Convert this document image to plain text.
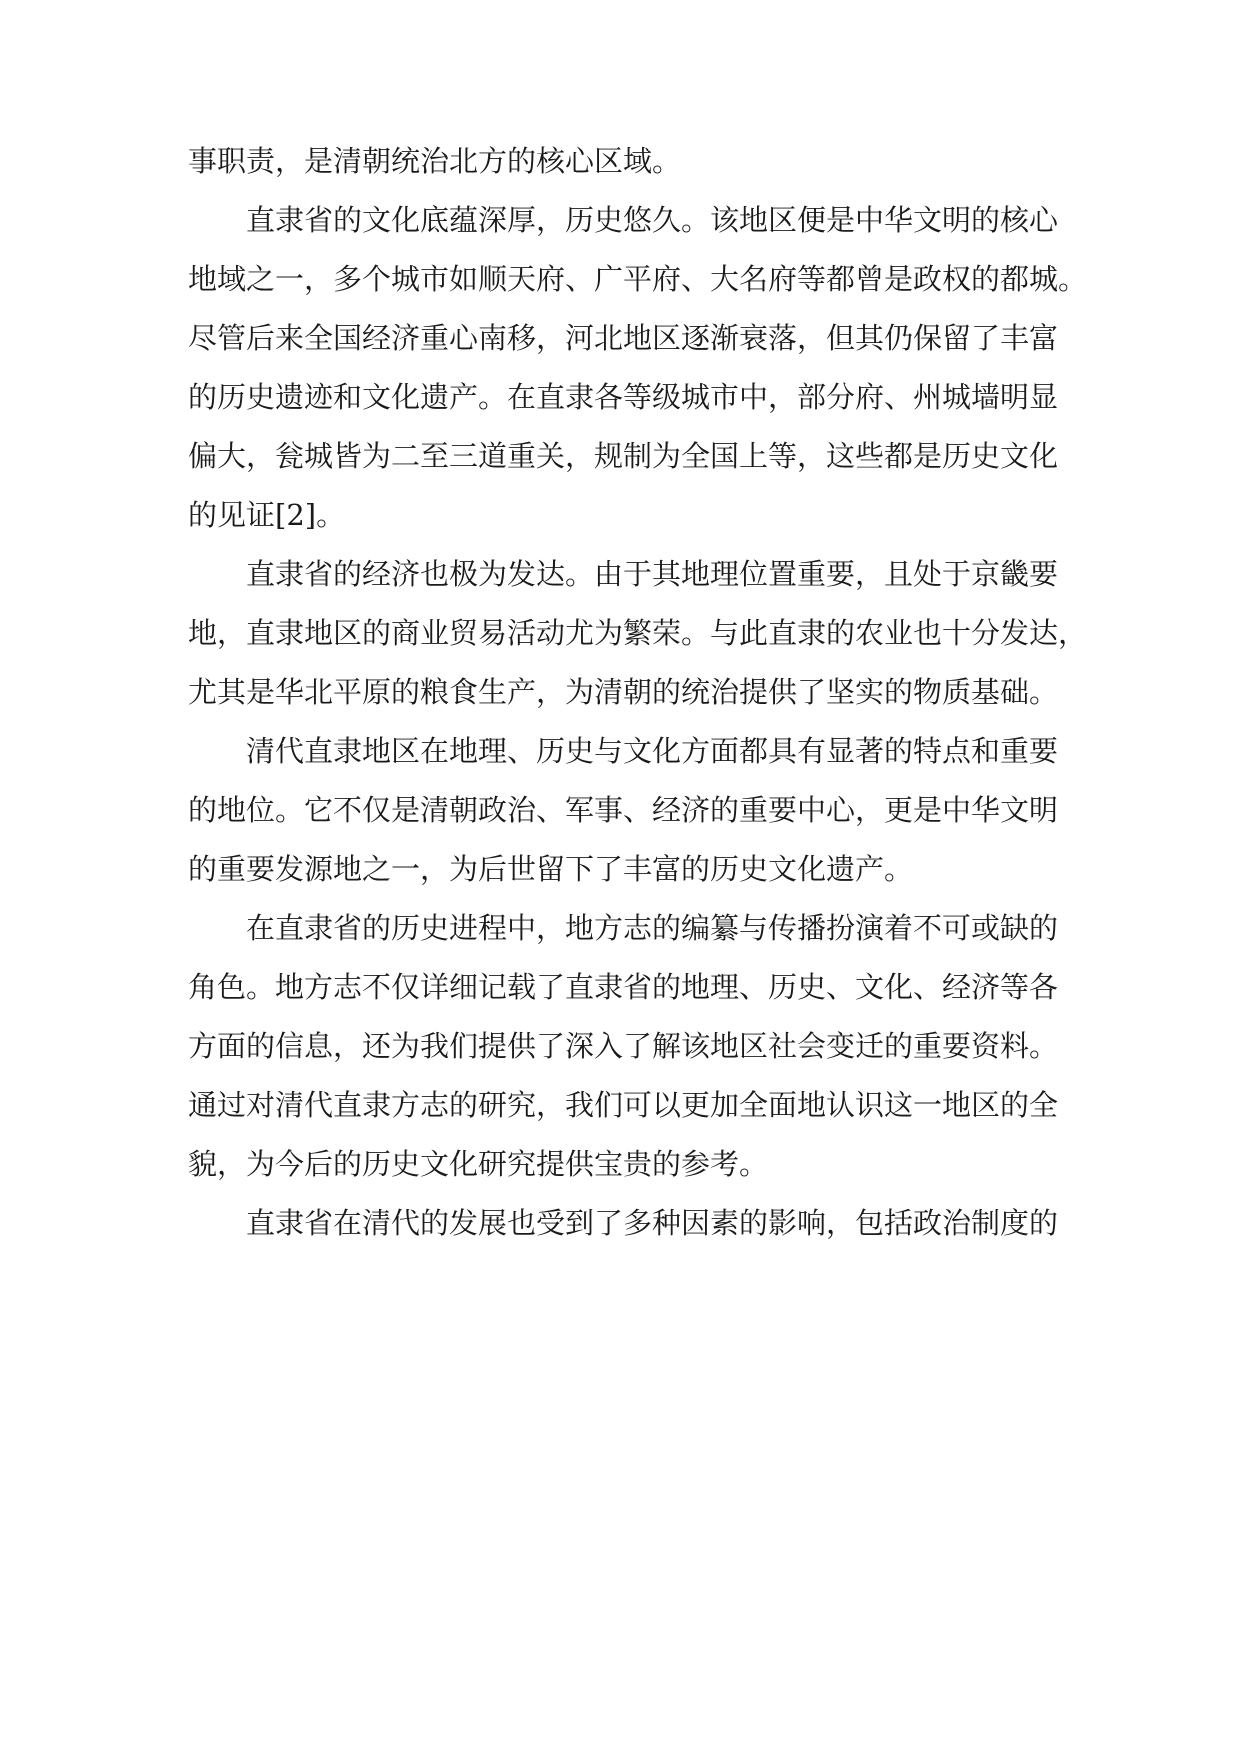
事职责，是清朝统治北方的核心区域。
直隶省的文化底蕴深厚，历史悠久。该地区便是中华文明的核心
地域之一，多个城市如顺天府、广平府、大名府等都曾是政权的都城。
尽管后来全国经济重心南移，河北地区逐渐衰落，但其仍保留了丰富
的历史遗迹和文化遗产。在直隶各等级城市中，部分府、州城墙明显
偏大，瓮城皆为二至三道重关，规制为全国上等，这些都是历史文化
的见证[2]。
直隶省的经济也极为发达。由于其地理位置重要，且处于京畿要
地，直隶地区的商业贸易活动尤为繁荣。与此直隶的农业也十分发达，
尤其是华北平原的粮食生产，为清朝的统治提供了坚实的物质基础。
清代直隶地区在地理、历史与文化方面都具有显著的特点和重要
的地位。它不仅是清朝政治、军事、经济的重要中心，更是中华文明
的重要发源地之一，为后世留下了丰富的历史文化遗产。
在直隶省的历史进程中，地方志的编纂与传播扮演着不可或缺的
角色。地方志不仅详细记载了直隶省的地理、历史、文化、经济等各
方面的信息，还为我们提供了深入了解该地区社会变迁的重要资料。
通过对清代直隶方志的研究，我们可以更加全面地认识这一地区的全
貌，为今后的历史文化研究提供宝贵的参考。
直隶省在清代的发展也受到了多种因素的影响，包括政治制度的
